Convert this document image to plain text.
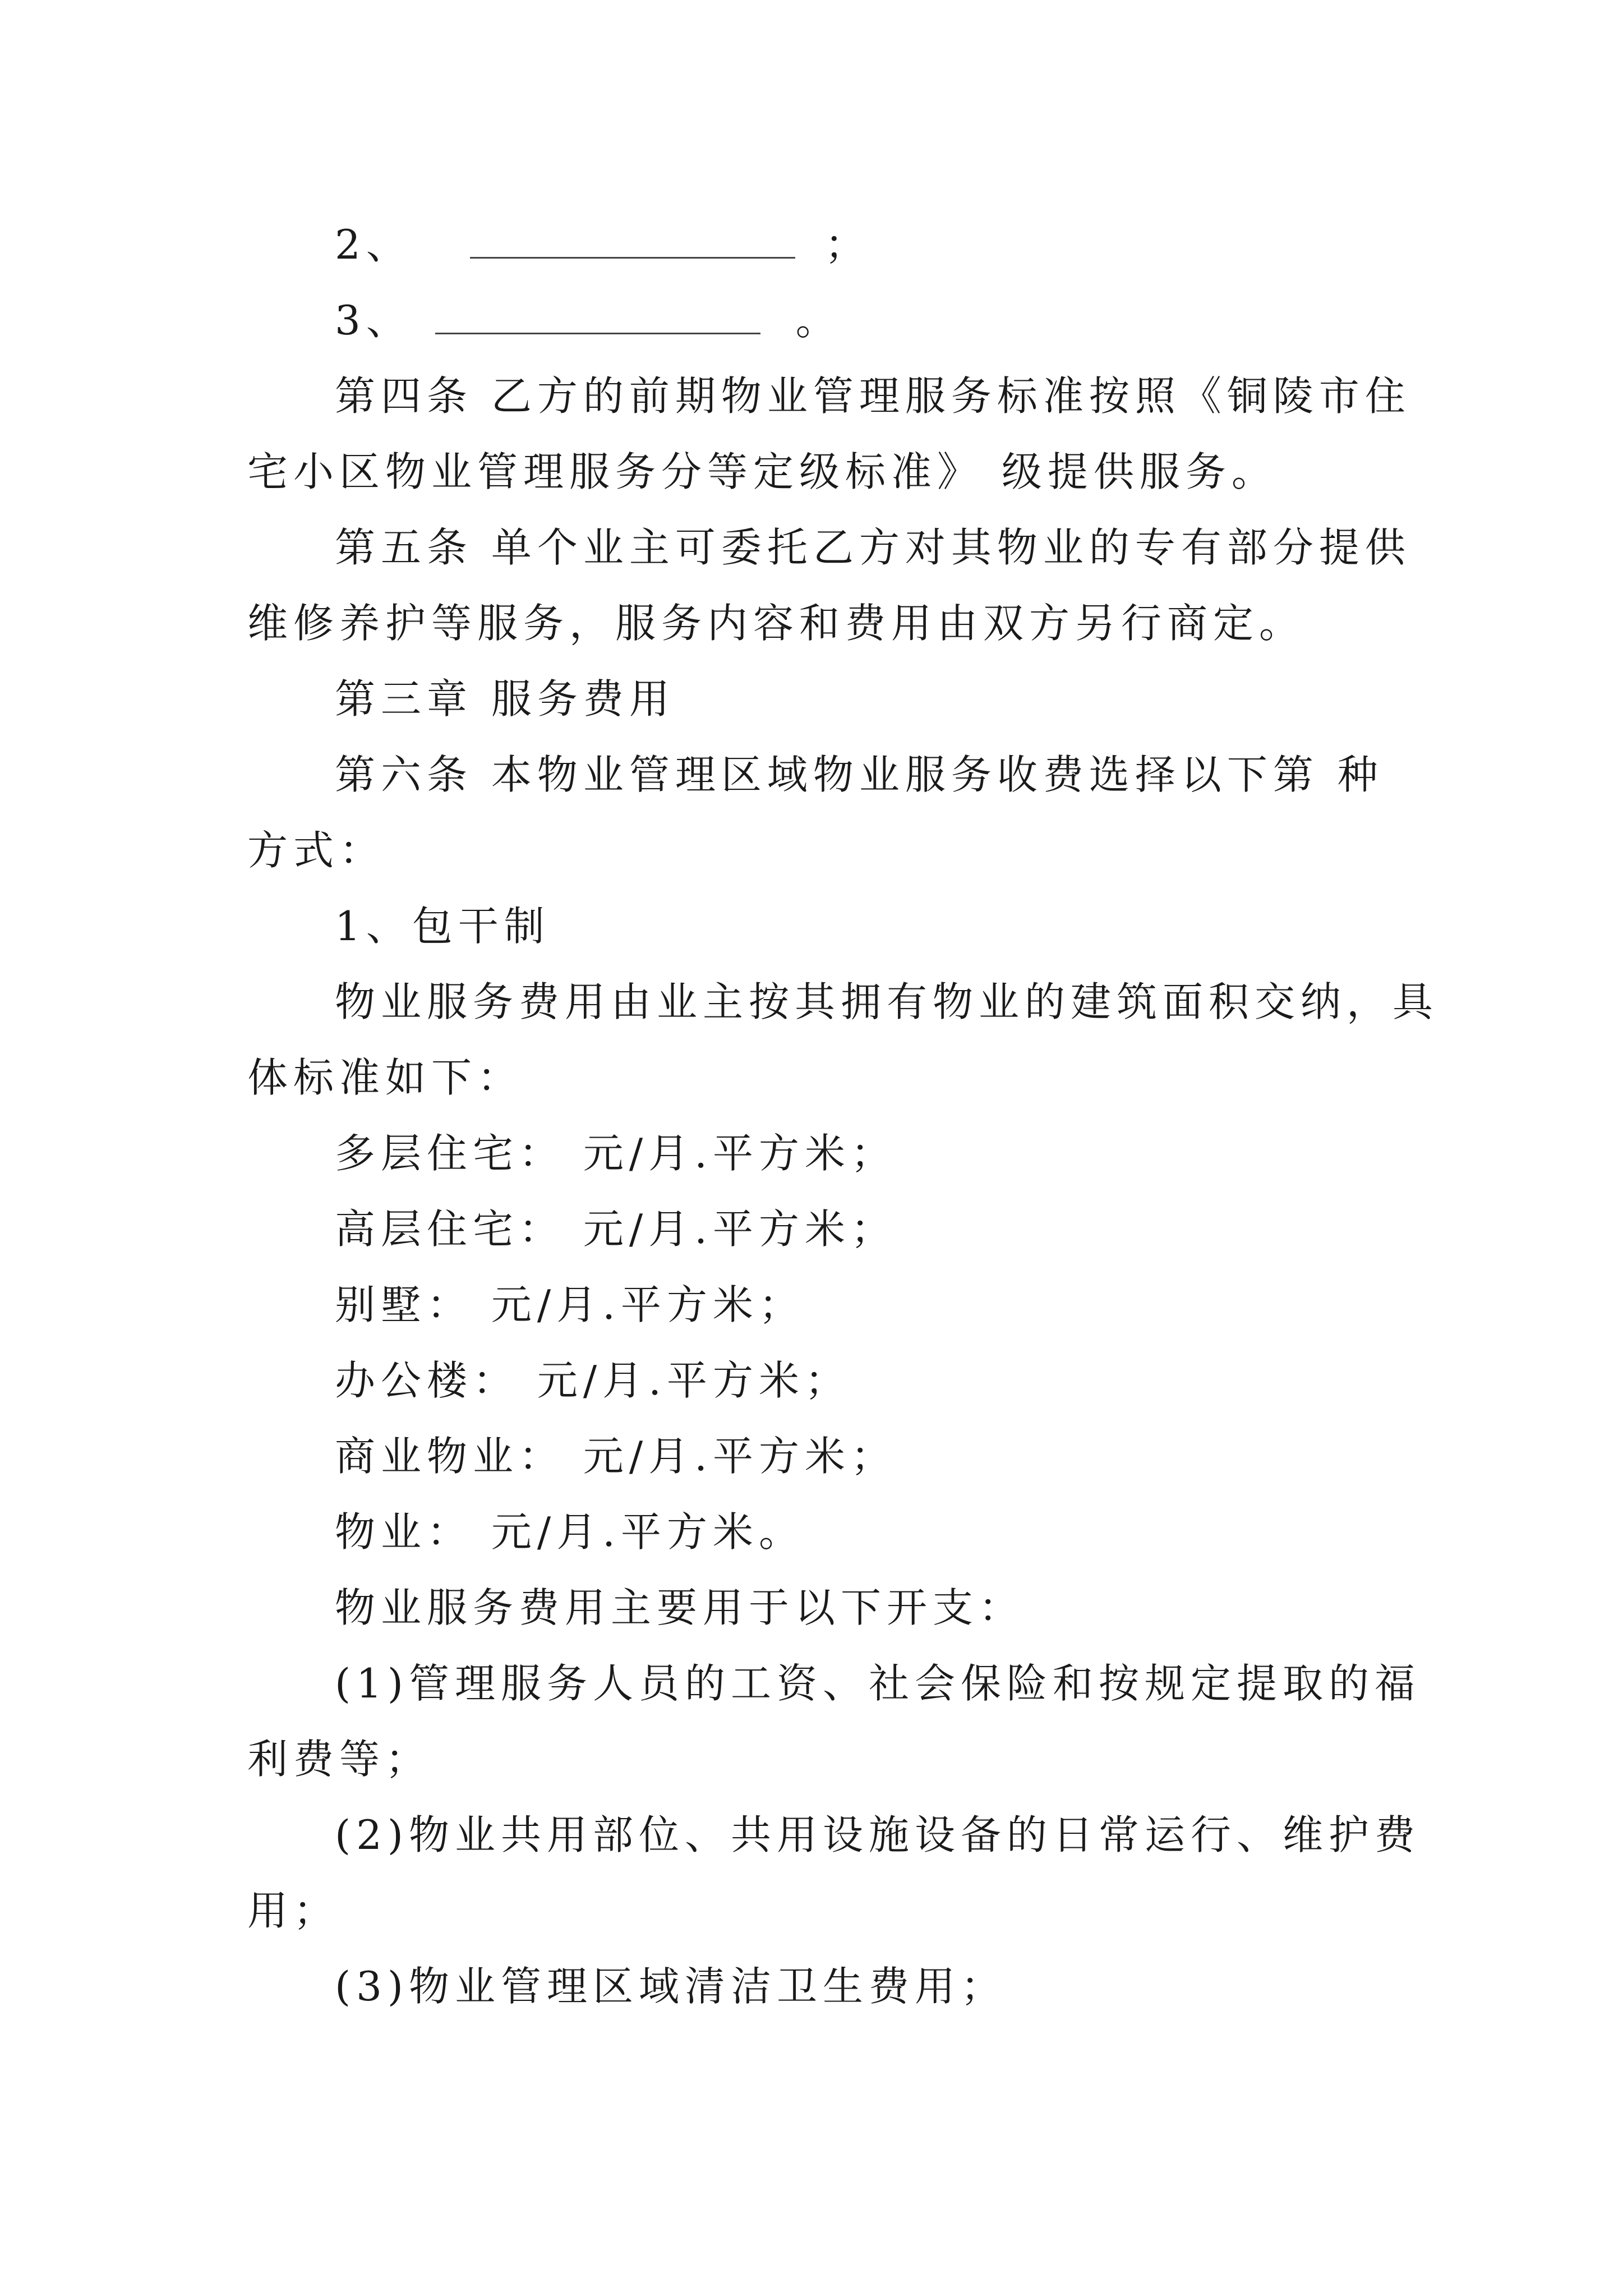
2、	；
3、	。
第四条 乙方的前期物业管理服务标准按照《铜陵市住
宅小区物业管理服务分等定级标准》 级提供服务。
第五条 单个业主可委托乙方对其物业的专有部分提供
维修养护等服务，服务内容和费用由双方另行商定。
第三章 服务费用
第六条 本物业管理区域物业服务收费选择以下第 种
方式：
1、包干制
物业服务费用由业主按其拥有物业的建筑面积交纳，具
体标准如下：
多层住宅： 元/月.平方米；
高层住宅： 元/月.平方米；
别墅： 元/月.平方米；
办公楼： 元/月.平方米；
商业物业： 元/月.平方米；
物业： 元/月.平方米。
物业服务费用主要用于以下开支：
(1)管理服务人员的工资、社会保险和按规定提取的福
利费等；
(2)物业共用部位、共用设施设备的日常运行、维护费
用；
(3)物业管理区域清洁卫生费用；
